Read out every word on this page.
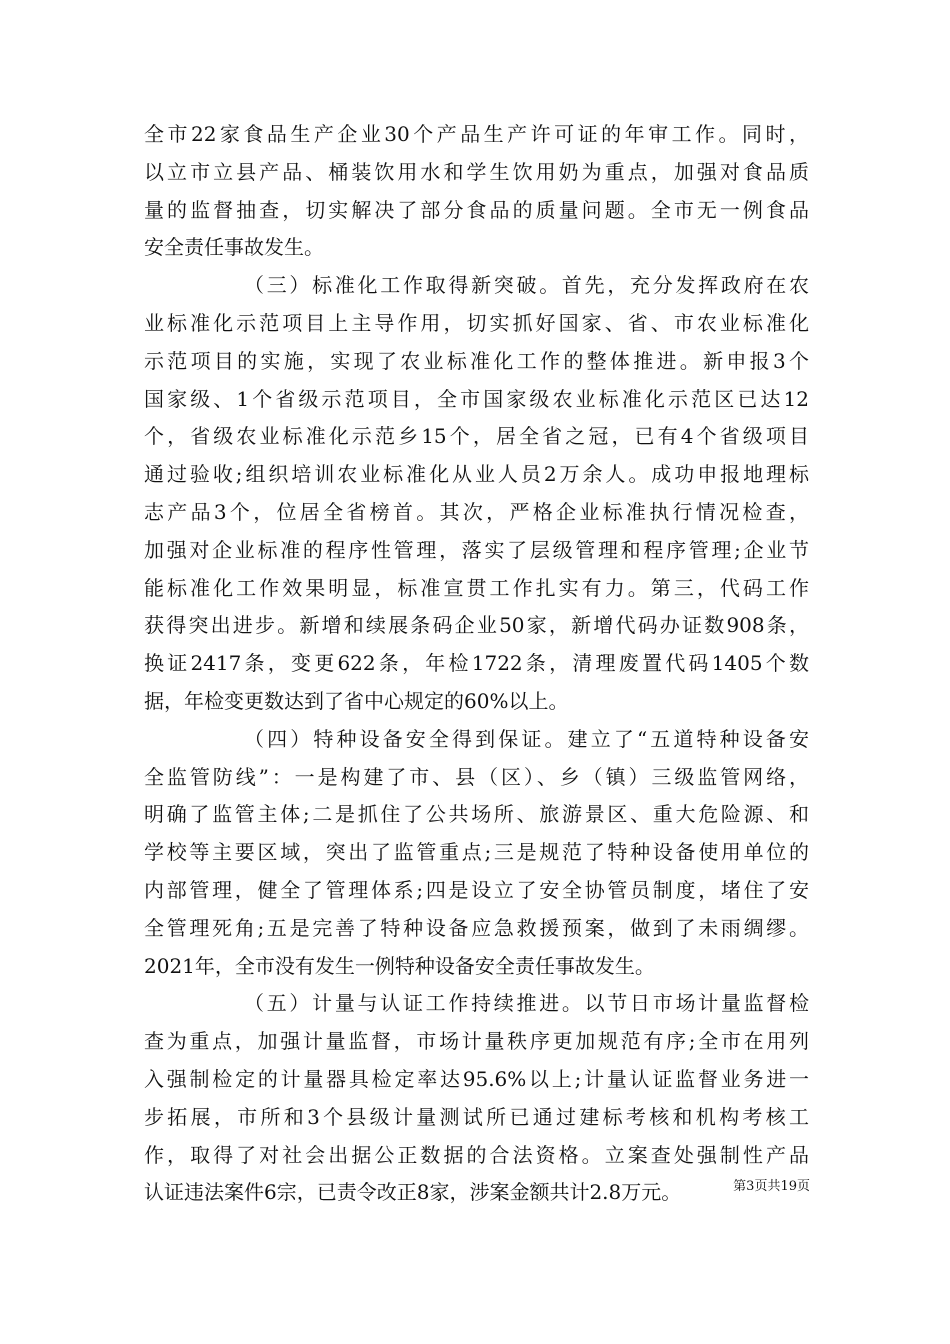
全市22家食品生产企业30个产品生产许可证的年审工作。同时，
以立市立县产品、桶装饮用水和学生饮用奶为重点，加强对食品质
量的监督抽查，切实解决了部分食品的质量问题。全市无一例食品
安全责任事故发生。
（三）标准化工作取得新突破。首先，充分发挥政府在农
业标准化示范项目上主导作用，切实抓好国家、省、市农业标准化
示范项目的实施，实现了农业标准化工作的整体推进。新申报3个
国家级、1个省级示范项目，全市国家级农业标准化示范区已达12
个，省级农业标准化示范乡15个，居全省之冠，已有4个省级项目
通过验收;组织培训农业标准化从业人员2万余人。成功申报地理标
志产品3个，位居全省榜首。其次，严格企业标准执行情况检查，
加强对企业标准的程序性管理，落实了层级管理和程序管理;企业节
能标准化工作效果明显，标准宣贯工作扎实有力。第三，代码工作
获得突出进步。新增和续展条码企业50家，新增代码办证数908条，
换证2417条，变更622条，年检1722条，清理废置代码1405个数
据，年检变更数达到了省中心规定的60%以上。
（四）特种设备安全得到保证。建立了“五道特种设备安
全监管防线”：一是构建了市、县（区）、乡（镇）三级监管网络，
明确了监管主体;二是抓住了公共场所、旅游景区、重大危险源、和
学校等主要区域，突出了监管重点;三是规范了特种设备使用单位的
内部管理，健全了管理体系;四是设立了安全协管员制度，堵住了安
全管理死角;五是完善了特种设备应急救援预案，做到了未雨绸缪。
2021年，全市没有发生一例特种设备安全责任事故发生。
（五）计量与认证工作持续推进。以节日市场计量监督检
查为重点，加强计量监督，市场计量秩序更加规范有序;全市在用列
入强制检定的计量器具检定率达95.6%以上;计量认证监督业务进一
步拓展，市所和3个县级计量测试所已通过建标考核和机构考核工
作，取得了对社会出据公正数据的合法资格。立案查处强制性产品
认证违法案件6宗，已责令改正8家，涉案金额共计2.8万元。	第3页共19页
